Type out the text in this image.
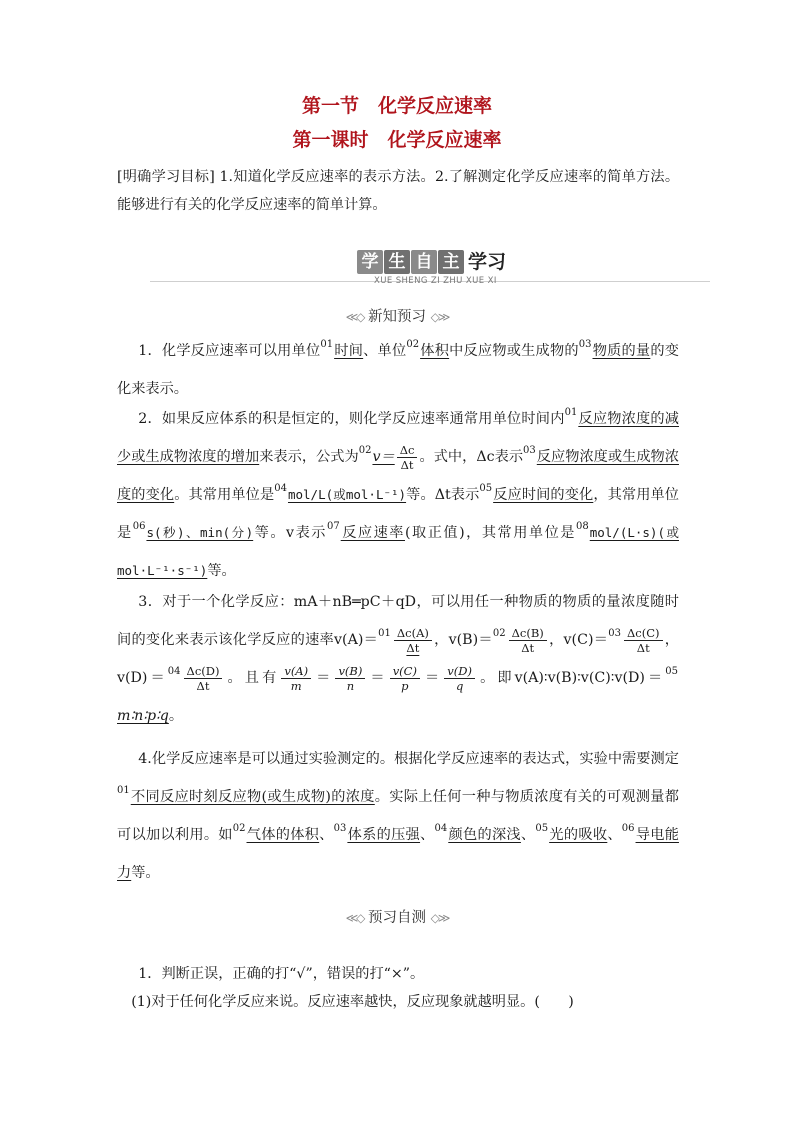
第一节　化学反应速率
第一课时　化学反应速率
[明确学习目标] 1.知道化学反应速率的表示方法。2.了解测定化学反应速率的简单方法。能够进行有关的化学反应速率的简单计算。
学 生 自 主 学习
XUE SHENG ZI ZHU XUE XI
≪◇ 新知预习 ◇≫
  1．化学反应速率可以用单位01时间、单位02体积中反应物或生成物的03物质的量的变化来表示。
  2．如果反应体系的积是恒定的，则化学反应速率通常用单位时间内01反应物浓度的减少或生成物浓度的增加来表示，公式为$02v= \frac{\Delta c}{\Delta t}$ 。式中，Δc表示03反应物浓度或生成物浓度的变化。其常用单位是04mol/L(或mol·L⁻¹)等。Δt表示05反应时间的变化，其常用单位是06s(秒)、min(分)等。v表示07反应速率(取正值)，其常用单位是08mol/(L·s)(或mol·L⁻¹·s⁻¹)等。
  3．对于一个化学反应：mA＋nB═pC＋qD，可以用任一种物质的物质的量浓度随时间的变化来表示该化学反应的速率$v(A)=01 \frac{\Delta c(A)}{\Delta t}$ ，$v(B)=02 \frac{\Delta c(B)}{\Delta t}$ ，$v(C)=03 \frac{\Delta c(C)}{\Delta t}$ ，$v(D)=04 \frac{\Delta c(D)}{\Delta t}$ 。且有 $\frac{v(A)}{m} = \frac{v(B)}{n} = \frac{v(C)}{p} = \frac{v(D)}{q}$ 。即v(A)∶v(B)∶v(C)∶v(D)＝05m∶n∶p∶q。
  4.化学反应速率是可以通过实验测定的。根据化学反应速率的表达式，实验中需要测定01不同反应时刻反应物(或生成物)的浓度。实际上任何一种与物质浓度有关的可观测量都可以加以利用。如02气体的体积、03体系的压强、04颜色的深浅、05光的吸收、06导电能力等。
≪◇ 预习自测 ◇≫
  1．判断正误，正确的打“√”，错误的打“×”。
 (1)对于任何化学反应来说。反应速率越快，反应现象就越明显。(　　)
